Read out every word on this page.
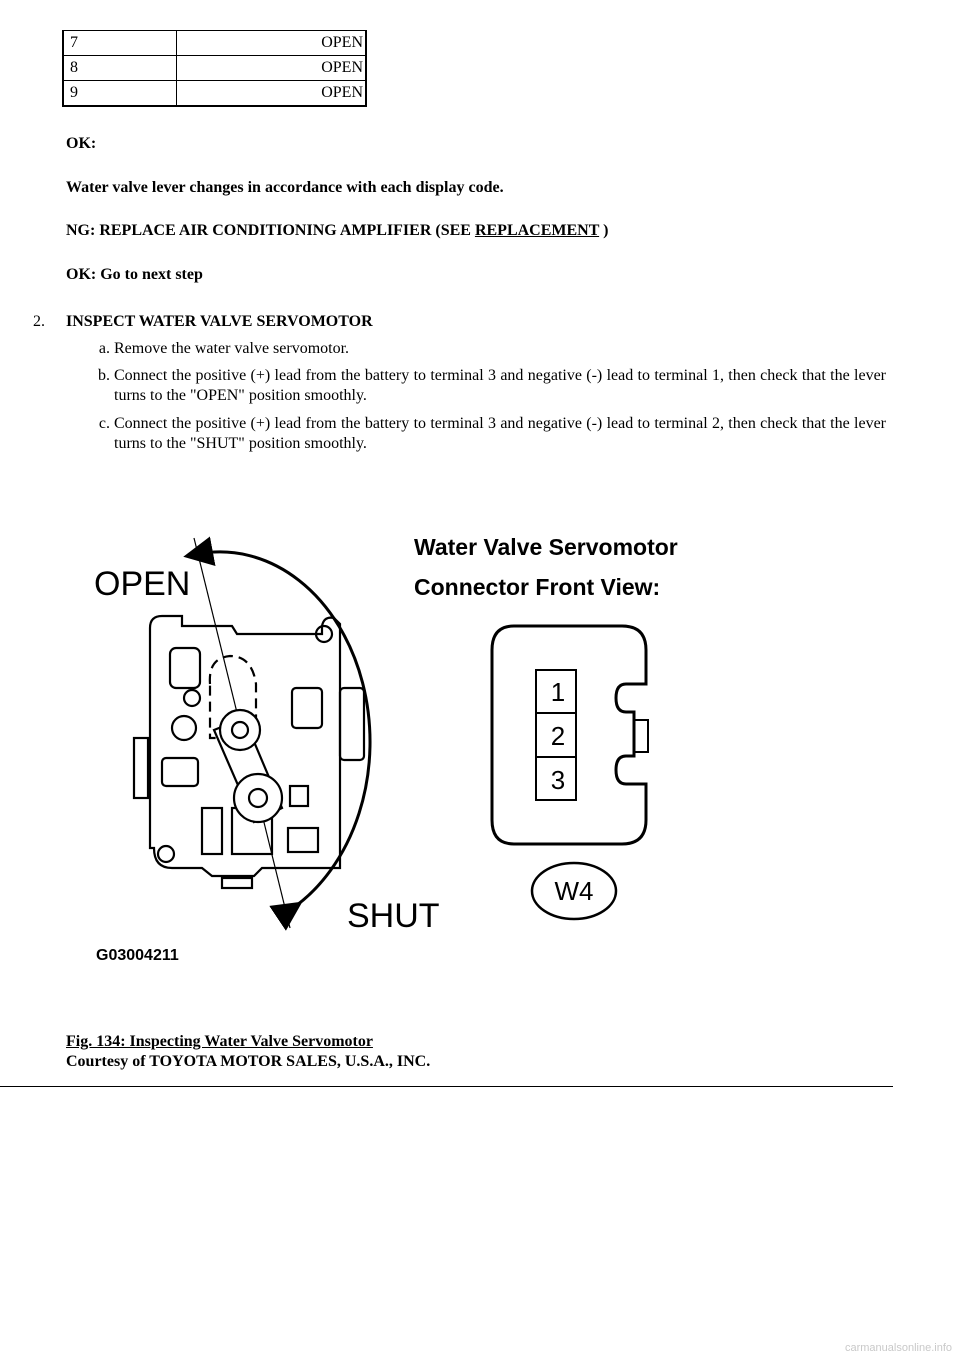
7	OPEN
8	OPEN
9	OPEN
OK:
Water valve lever changes in accordance with each display code.
NG: REPLACE AIR CONDITIONING AMPLIFIER (SEE REPLACEMENT )
OK: Go to next step
2. INSPECT WATER VALVE SERVOMOTOR
a. Remove the water valve servomotor.
b. Connect the positive (+) lead from the battery to terminal 3 and negative (-) lead to terminal 1, then check that the lever turns to the "OPEN" position smoothly.
c. Connect the positive (+) lead from the battery to terminal 3 and negative (-) lead to terminal 2, then check that the lever turns to the "SHUT" position smoothly.
OPEN
SHUT
Water Valve Servomotor
Connector Front View:
1
2
3
W4
G03004211
Fig. 134: Inspecting Water Valve Servomotor
Courtesy of TOYOTA MOTOR SALES, U.S.A., INC.
carmanualsonline.info
